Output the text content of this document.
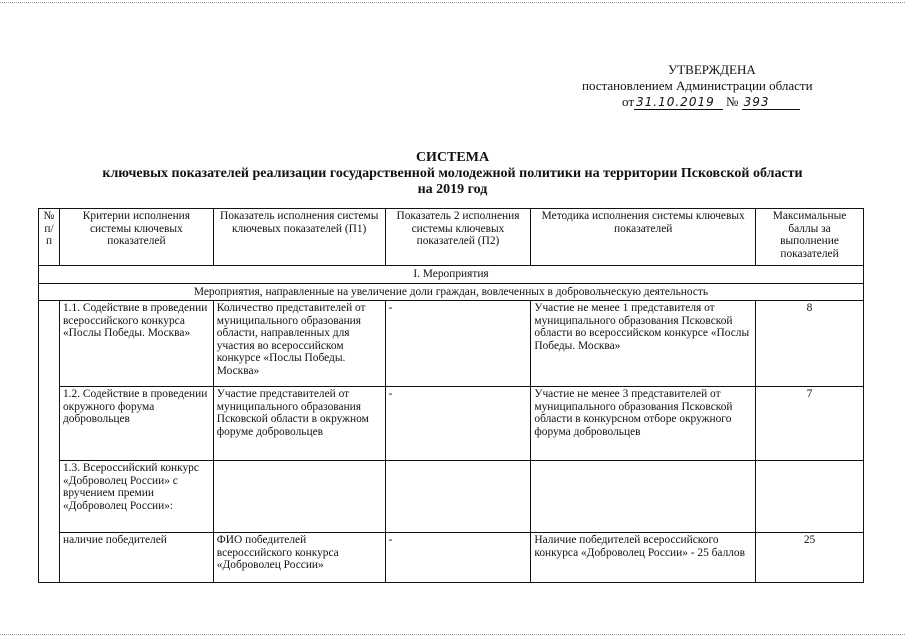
УТВЕРЖДЕНА
постановлением Администрации области
от 31.10.2019 № 393
СИСТЕМА
ключевых показателей реализации государственной молодежной политики на территории Псковской области
на 2019 год
№ п/п	Критерии исполнения системы ключевых показателей	Показатель исполнения системы ключевых показателей (П1)	Показатель 2 исполнения системы ключевых показателей (П2)	Методика исполнения системы ключевых показателей	Максимальные баллы за выполнение показателей
I. Мероприятия					
Мероприятия, направленные на увеличение доли граждан, вовлеченных в добровольческую деятельность					
	1.1. Содействие в проведении всероссийского конкурса «Послы Победы. Москва»	Количество представителей от муниципального образования области, направленных для участия во всероссийском конкурсе «Послы Победы. Москва»	-	Участие не менее 1 представителя от муниципального образования Псковской области во всероссийском конкурсе «Послы Победы. Москва»	8
	1.2. Содействие в проведении окружного форума добровольцев	Участие представителей от муниципального образования Псковской области в окружном форуме добровольцев	-	Участие не менее 3 представителей от муниципального образования Псковской области в конкурсном отборе окружного форума добровольцев	7
	1.3. Всероссийский конкурс «Доброволец России» с вручением премии «Доброволец России»:				
	наличие победителей	ФИО победителей всероссийского конкурса «Доброволец России»	-	Наличие победителей всероссийского конкурса «Доброволец России» - 25 баллов	25
